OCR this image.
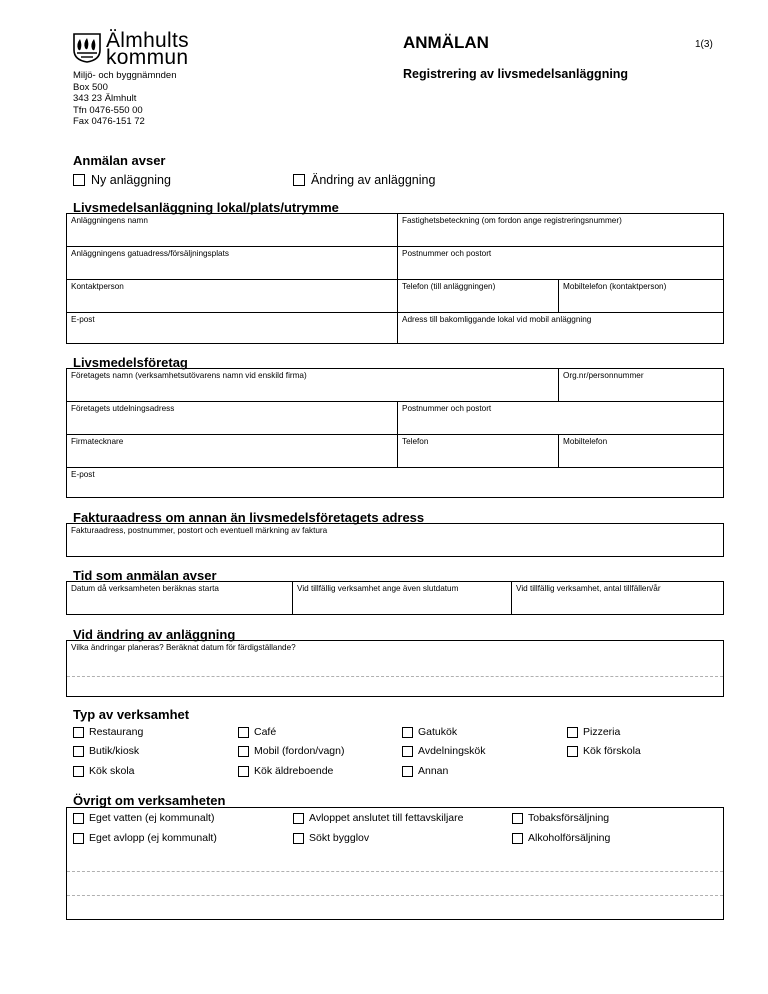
Älmhults
kommun
Miljö- och byggnämnden
Box 500
343 23 Älmhult
Tfn 0476-550 00
Fax 0476-151 72
ANMÄLAN	1(3)
Registrering av livsmedelsanläggning
Anmälan avser
Ny anläggning	Ändring av anläggning
Livsmedelsanläggning lokal/plats/utrymme
Anläggningens namn	Fastighetsbeteckning (om fordon ange registreringsnummer)
Anläggningens gatuadress/försäljningsplats	Postnummer och postort
Kontaktperson	Telefon (till anläggningen)	Mobiltelefon (kontaktperson)
E-post	Adress till bakomliggande lokal vid mobil anläggning
Livsmedelsföretag
Företagets namn (verksamhetsutövarens namn vid enskild firma)	Org.nr/personnummer
Företagets utdelningsadress	Postnummer och postort
Firmatecknare	Telefon	Mobiltelefon
E-post
Fakturaadress om annan än livsmedelsföretagets adress
Fakturaadress, postnummer, postort och eventuell märkning av faktura
Tid som anmälan avser
Datum då verksamheten beräknas starta	Vid tillfällig verksamhet ange även slutdatum	Vid tillfällig verksamhet, antal tillfällen/år
Vid ändring av anläggning
Vilka ändringar planeras? Beräknat datum för färdigställande?
Typ av verksamhet
Restaurang	Café	Gatukök	Pizzeria
Butik/kiosk	Mobil (fordon/vagn)	Avdelningskök	Kök förskola
Kök skola	Kök äldreboende	Annan
Övrigt om verksamheten
Eget vatten (ej kommunalt)	Avloppet anslutet till fettavskiljare	Tobaksförsäljning
Eget avlopp (ej kommunalt)	Sökt bygglov	Alkoholförsäljning
